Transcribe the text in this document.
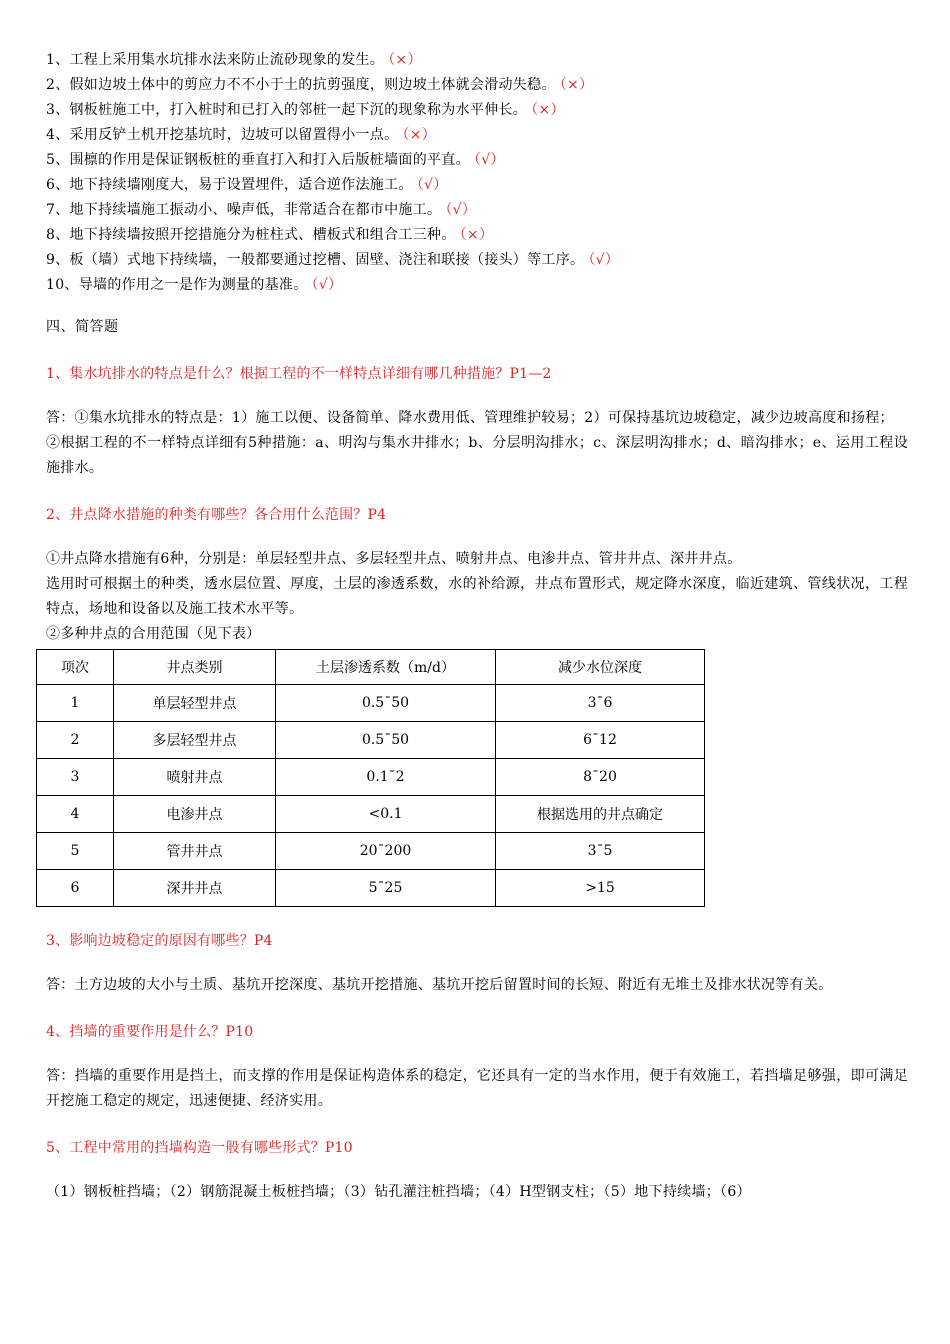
1、工程上采用集水坑排水法来防止流砂现象的发生。 （×）
2、假如边坡土体中的剪应力不不小于土的抗剪强度，则边坡土体就会滑动失稳。 （×）
3、钢板桩施工中，打入桩时和已打入的邻桩一起下沉的现象称为水平伸长。 （×）
4、采用反铲土机开挖基坑时，边坡可以留置得小一点。 （×）
5、围檩的作用是保证钢板桩的垂直打入和打入后版桩墙面的平直。 （√）
6、地下持续墙刚度大，易于设置埋件，适合逆作法施工。 （√）
7、地下持续墙施工振动小、噪声低，非常适合在都市中施工。 （√）
8、地下持续墙按照开挖措施分为桩柱式、槽板式和组合工三种。 （×）
9、板（墙）式地下持续墙，一般都要通过挖槽、固壁、浇注和联接（接头）等工序。 （√）
10、导墙的作用之一是作为测量的基准。 （√）
四、简答题
1、集水坑排水的特点是什么？根据工程的不一样特点详细有哪几种措施？P1—2

答：①集水坑排水的特点是：1）施工以便、设备简单、降水费用低、管理维护较易；2）可保持基坑边坡稳定，减少边坡高度和扬程；

②根据工程的不一样特点详细有5种措施：a、明沟与集水井排水；b、分层明沟排水；c、深层明沟排水；d、暗沟排水；e、运用工程设施排水。

2、井点降水措施的种类有哪些？各合用什么范围？P4

①井点降水措施有6种，分别是：单层轻型井点、多层轻型井点、喷射井点、电渗井点、管井井点、深井井点。

选用时可根据土的种类，透水层位置、厚度，土层的渗透系数，水的补给源，井点布置形式，规定降水深度，临近建筑、管线状况，工程特点，场地和设备以及施工技术水平等。

②多种井点的合用范围（见下表）

项次	井点类别	土层渗透系数（m/d）	减少水位深度
1	单层轻型井点	0.5¯50	3¯6
2	多层轻型井点	0.5¯50	6¯12
3	喷射井点	0.1¯2	8¯20
4	电渗井点	<0.1	根据选用的井点确定
5	管井井点	20¯200	3¯5
6	深井井点	5¯25	>15
3、影响边坡稳定的原因有哪些？P4
答：土方边坡的大小与土质、基坑开挖深度、基坑开挖措施、基坑开挖后留置时间的长短、附近有无堆土及排水状况等有关。
4、挡墙的重要作用是什么？P10
答：挡墙的重要作用是挡土，而支撑的作用是保证构造体系的稳定，它还具有一定的当水作用，便于有效施工，若挡墙足够强，即可满足开挖施工稳定的规定，迅速便捷、经济实用。
5、工程中常用的挡墙构造一般有哪些形式？P10
（1）钢板桩挡墙；（2）钢筋混凝土板桩挡墙；（3）钻孔灌注桩挡墙；（4）H型钢支柱；（5）地下持续墙；（6）
